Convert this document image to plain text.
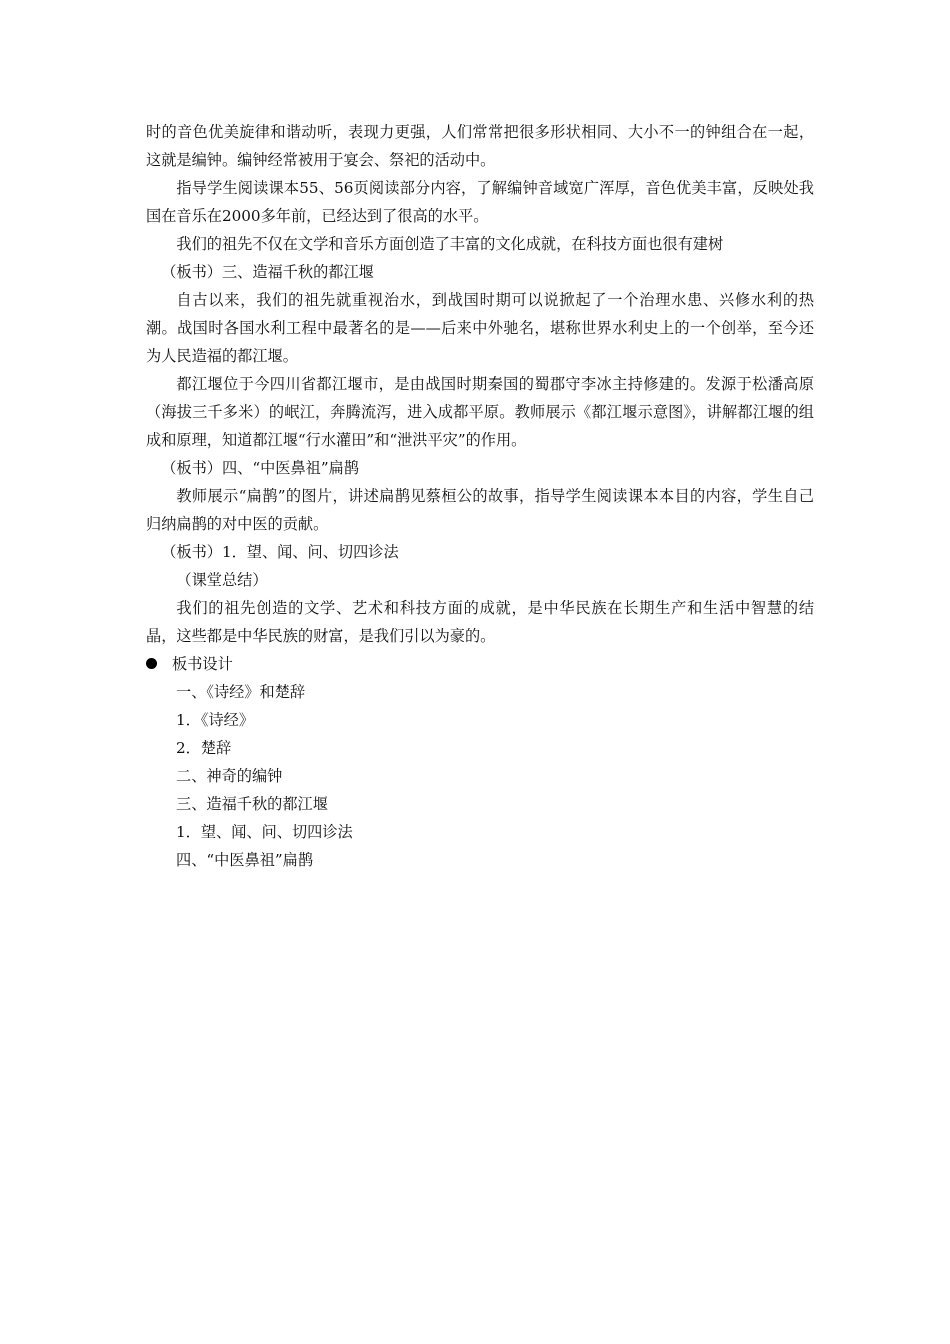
时的音色优美旋律和谐动听，表现力更强，人们常常把很多形状相同、大小不一的钟组合在一起，这就是编钟。编钟经常被用于宴会、祭祀的活动中。

指导学生阅读课本55、56页阅读部分内容，了解编钟音域宽广浑厚，音色优美丰富，反映处我国在音乐在2000多年前，已经达到了很高的水平。

我们的祖先不仅在文学和音乐方面创造了丰富的文化成就，在科技方面也很有建树

（板书）三、造福千秋的都江堰

自古以来，我们的祖先就重视治水，到战国时期可以说掀起了一个治理水患、兴修水利的热潮。战国时各国水利工程中最著名的是——后来中外驰名，堪称世界水利史上的一个创举，至今还为人民造福的都江堰。

都江堰位于今四川省都江堰市，是由战国时期秦国的蜀郡守李冰主持修建的。发源于松潘高原（海拔三千多米）的岷江，奔腾流泻，进入成都平原。教师展示《都江堰示意图》，讲解都江堰的组成和原理，知道都江堰“行水灌田”和“泄洪平灾”的作用。

（板书）四、“中医鼻祖”扁鹊

教师展示“扁鹊”的图片，讲述扁鹊见蔡桓公的故事，指导学生阅读课本本目的内容，学生自己归纳扁鹊的对中医的贡献。

（板书）1．望、闻、问、切四诊法

（课堂总结）

我们的祖先创造的文学、艺术和科技方面的成就，是中华民族在长期生产和生活中智慧的结晶，这些都是中华民族的财富，是我们引以为豪的。

板书设计

一、《诗经》和楚辞

1．《诗经》

2．楚辞

二、神奇的编钟

三、造福千秋的都江堰

1．望、闻、问、切四诊法

四、“中医鼻祖”扁鹊
